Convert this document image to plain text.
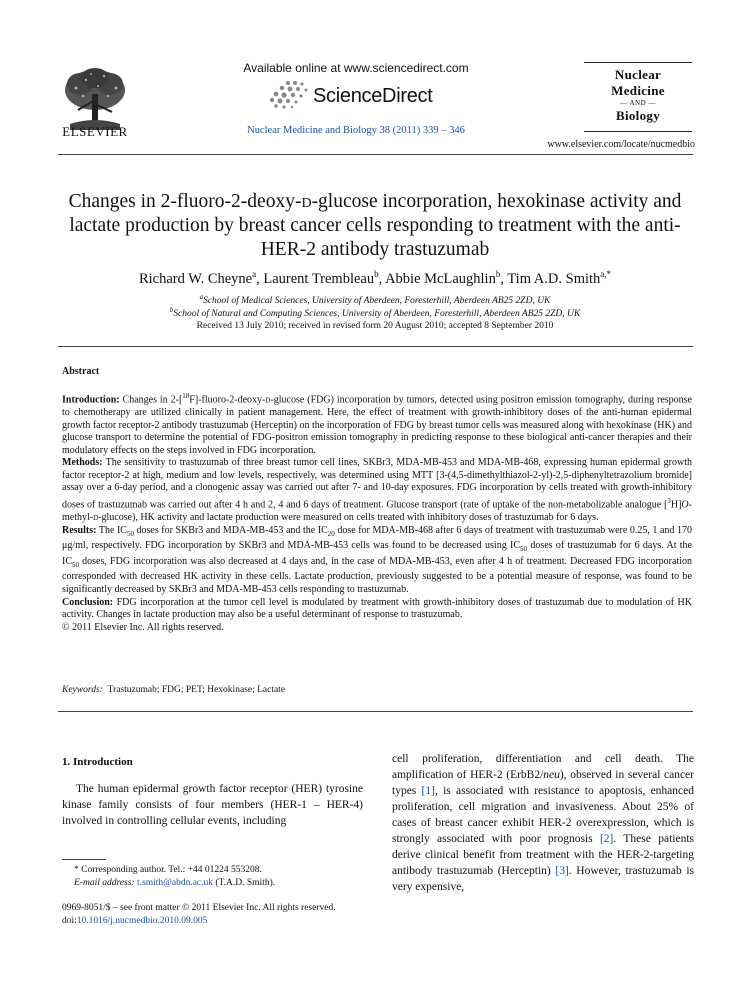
ELSEVIER
Available online at www.sciencedirect.com
ScienceDirect
Nuclear Medicine and Biology 38 (2011) 339 – 346
Nuclear
Medicine
— AND —
Biology
www.elsevier.com/locate/nucmedbio
Changes in 2-fluoro-2-deoxy-d-glucose incorporation, hexokinase activity and lactate production by breast cancer cells responding to treatment with the anti-HER-2 antibody trastuzumab
Richard W. Cheyne$^a$, Laurent Trembleau$^b$, Abbie McLaughlin$^b$, Tim A.D. Smith$^{a,*}$
$^a$School of Medical Sciences, University of Aberdeen, Foresterhill, Aberdeen AB25 2ZD, UK
$^b$School of Natural and Computing Sciences, University of Aberdeen, Foresterhill, Aberdeen AB25 2ZD, UK
Received 13 July 2010; received in revised form 20 August 2010; accepted 8 September 2010
Abstract

Introduction: Changes in 2-[$^{18}$F]-fluoro-2-deoxy-d-glucose (FDG) incorporation by tumors, detected using positron emission tomography, during response to chemotherapy are utilized clinically in patient management. Here, the effect of treatment with growth-inhibitory doses of the anti-human epidermal growth factor receptor-2 antibody trastuzumab (Herceptin) on the incorporation of FDG by breast tumor cells was measured along with hexokinase (HK) and glucose transport to determine the potential of FDG-positron emission tomography in predicting response to these biological anti-cancer therapies and their modulatory effects on the steps involved in FDG incorporation.

Methods: The sensitivity to trastuzumab of three breast tumor cell lines, SKBr3, MDA-MB-453 and MDA-MB-468, expressing human epidermal growth factor receptor-2 at high, medium and low levels, respectively, was determined using MTT [3-(4,5-dimethylthiazol-2-yl)-2,5-diphenyltetrazolium bromide] assay over a 6-day period, and a clonogenic assay was carried out after 7- and 10-day exposures. FDG incorporation by cells treated with growth-inhibitory doses of trastuzumab was carried out after 4 h and 2, 4 and 6 days of treatment. Glucose transport (rate of uptake of the non-metabolizable analogue [$^3$H]O-methyl-d-glucose), HK activity and lactate production were measured on cells treated with inhibitory doses of trastuzumab for 6 days.

Results: The $IC_{50}$ doses for SKBr3 and MDA-MB-453 and the $IC_{20}$ dose for MDA-MB-468 after 6 days of treatment with trastuzumab were 0.25, 1 and 170 μg/ml, respectively. FDG incorporation by SKBr3 and MDA-MB-453 cells was found to be decreased using $IC_{50}$ doses of trastuzumab for 6 days. At the $IC_{50}$ doses, FDG incorporation was also decreased at 4 days and, in the case of MDA-MB-453, even after 4 h of treatment. Decreased FDG incorporation corresponded with decreased HK activity in these cells. Lactate production, previously suggested to be a potential measure of response, was found to be significantly decreased by SKBr3 and MDA-MB-453 cells responding to trastuzumab.

Conclusion: FDG incorporation at the tumor cell level is modulated by treatment with growth-inhibitory doses of trastuzumab due to modulation of HK activity. Changes in lactate production may also be a useful determinant of response to trastuzumab.

© 2011 Elsevier Inc. All rights reserved.

Keywords: Trastuzumab; FDG; PET; Hexokinase; Lactate
1. Introduction
The human epidermal growth factor receptor (HER) tyrosine kinase family consists of four members (HER-1 – HER-4) involved in controlling cellular events, including
cell proliferation, differentiation and cell death. The amplification of HER-2 (ErbB2/neu), observed in several cancer types [1], is associated with resistance to apoptosis, enhanced proliferation, cell migration and invasiveness. About 25% of cases of breast cancer exhibit HER-2 overexpression, which is strongly associated with poor prognosis [2]. These patients derive clinical benefit from treatment with the HER-2-targeting antibody trastuzumab (Herceptin) [3]. However, trastuzumab is very expensive,
* Corresponding author. Tel.: +44 01224 553208.
E-mail address: t.smith@abdn.ac.uk (T.A.D. Smith).
0969-8051/$ – see front matter © 2011 Elsevier Inc. All rights reserved.
doi:10.1016/j.nucmedbio.2010.09.005
